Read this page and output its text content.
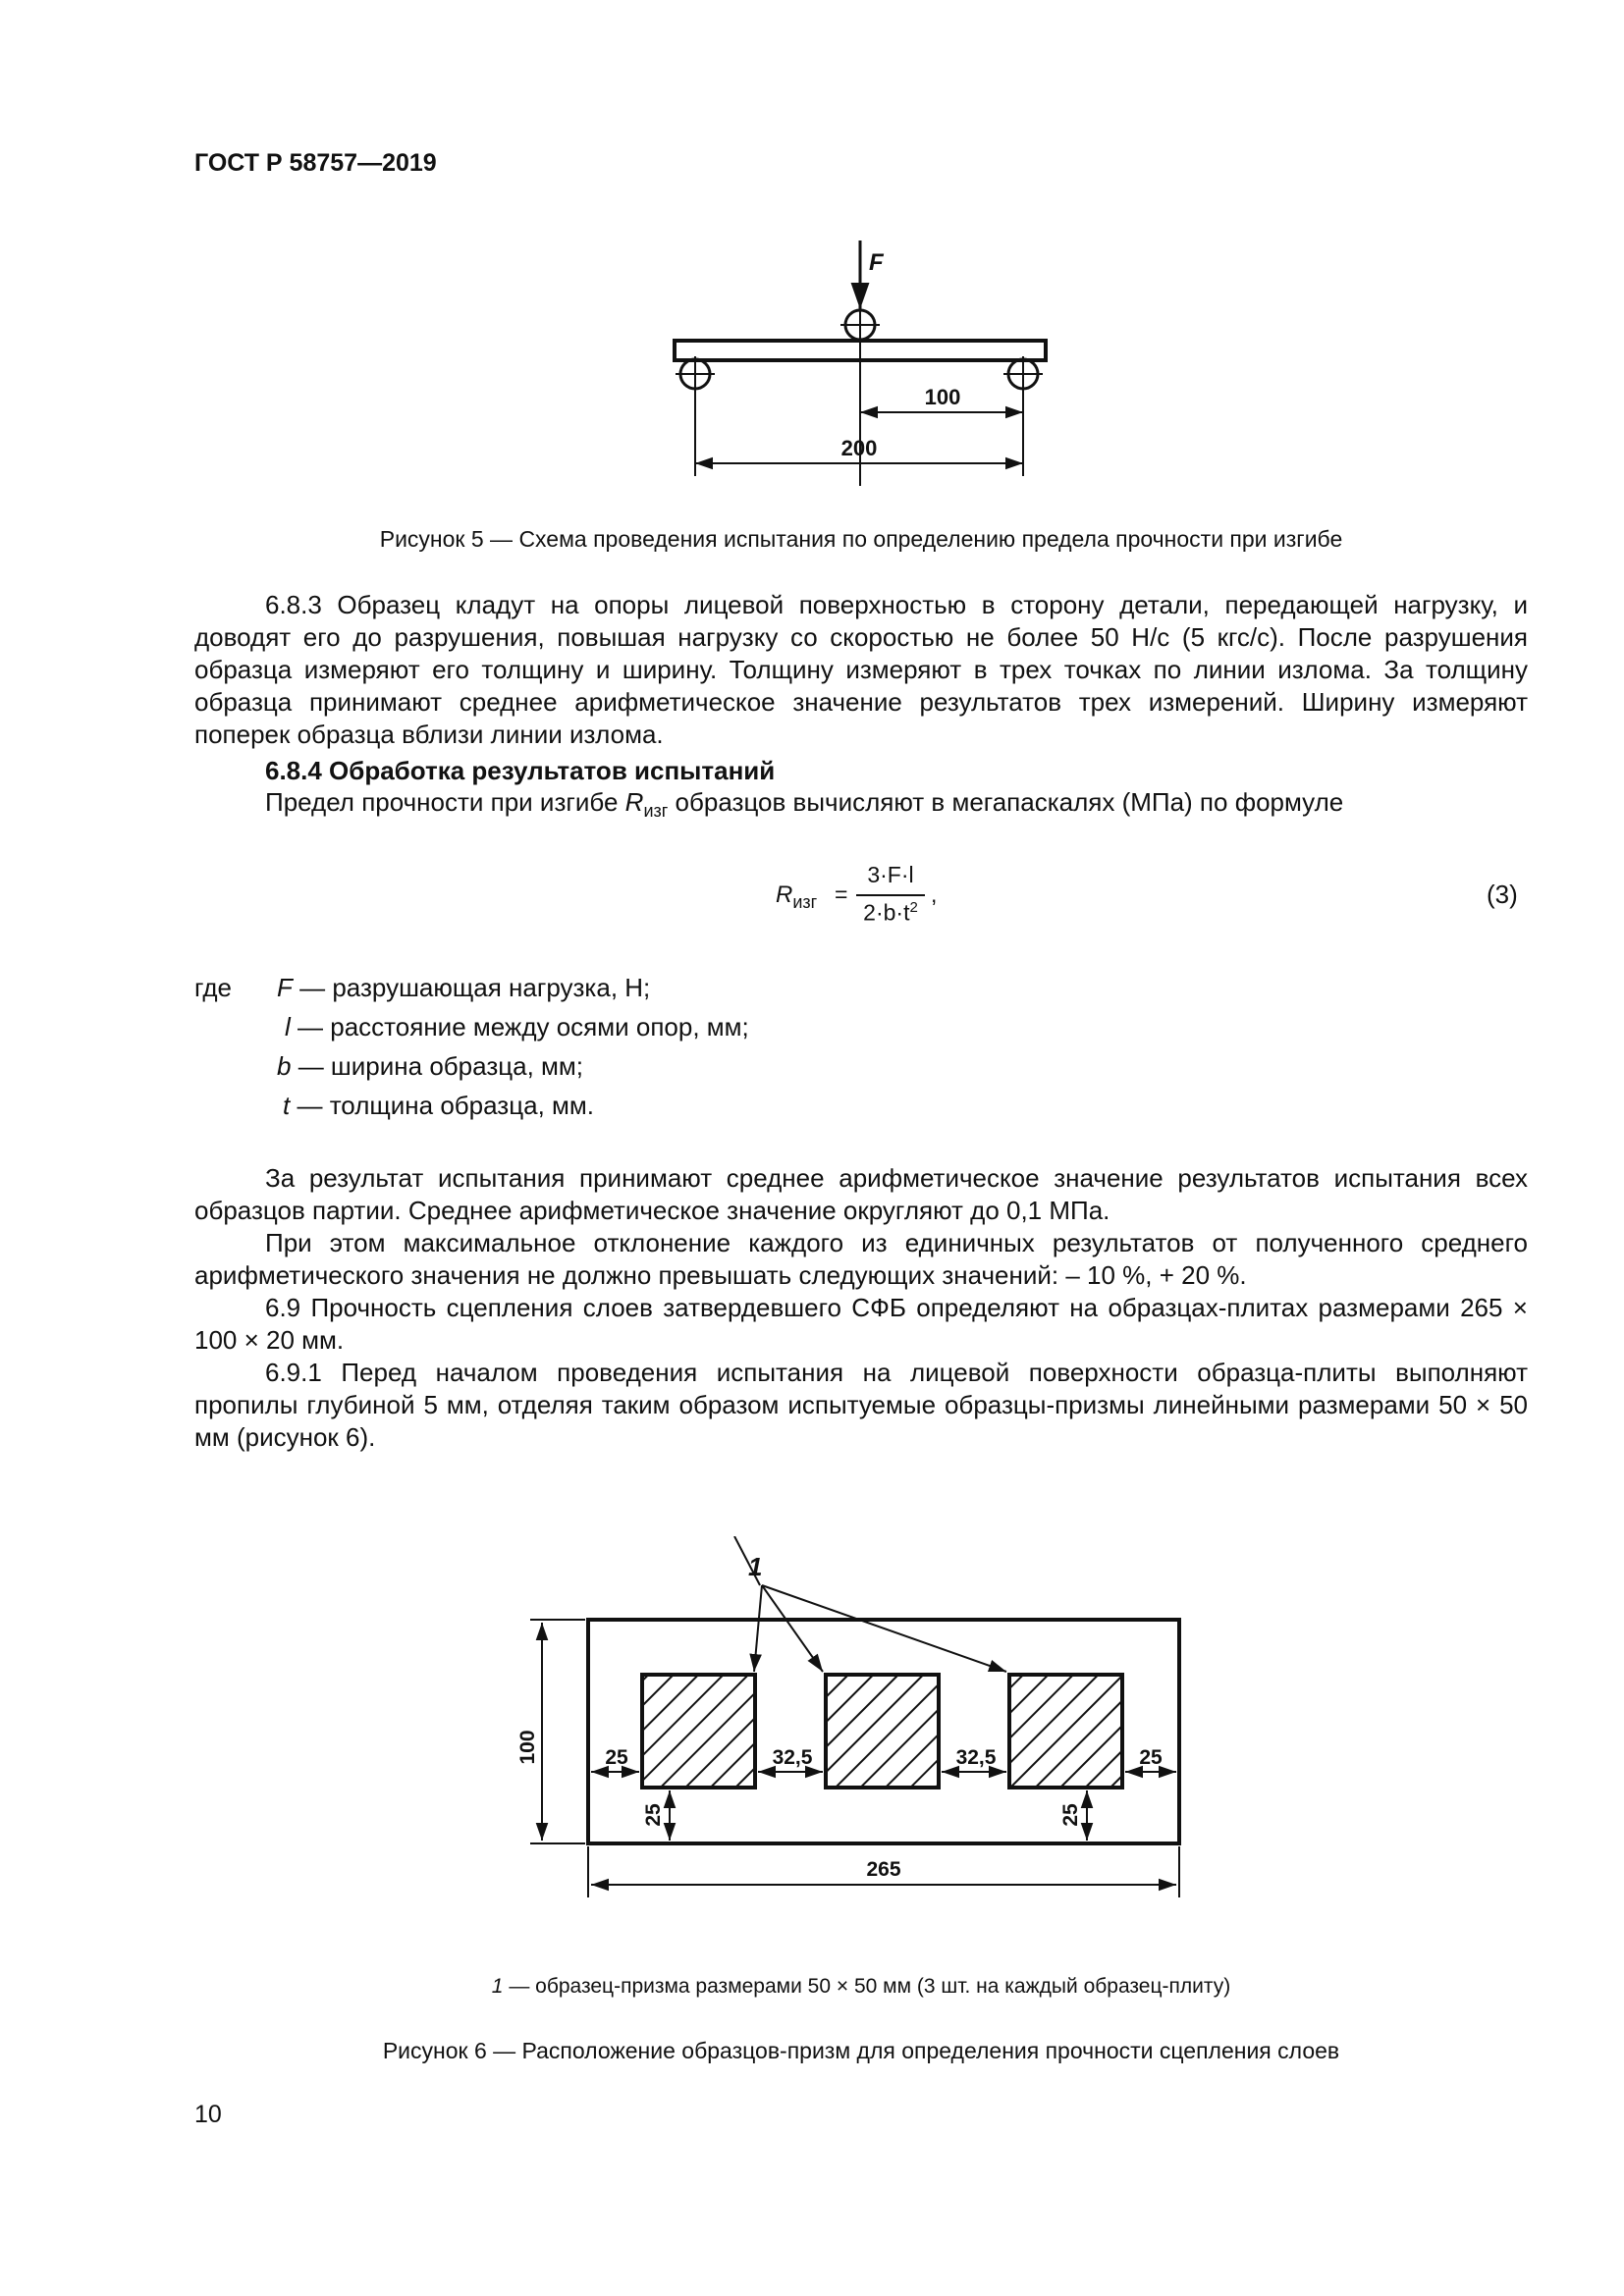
ГОСТ Р 58757—2019
F
100
200
Рисунок 5 — Схема проведения испытания по определению предела прочности при изгибе
6.8.3 Образец кладут на опоры лицевой поверхностью в сторону детали, передающей нагрузку, и доводят его до разрушения, повышая нагрузку со скоростью не более 50 Н/с (5 кгс/с). После разрушения образца измеряют его толщину и ширину. Толщину измеряют в трех точках по линии излома. За толщину образца принимают среднее арифметическое значение результатов трех измерений. Ширину измеряют поперек образца вблизи линии излома.
6.8.4 Обработка результатов испытаний
Предел прочности при изгибе $R_{изг}$ образцов вычисляют в мегапаскалях (МПа) по формуле
$R_{изг}$ =
3·F·l
$2\cdot b\cdot t^2$
,	(3)
где F — разрушающая нагрузка, Н;
l — расстояние между осями опор, мм;
b — ширина образца, мм;
t — толщина образца, мм.
За результат испытания принимают среднее арифметическое значение результатов испытания всех образцов партии. Среднее арифметическое значение округляют до 0,1 МПа.
При этом максимальное отклонение каждого из единичных результатов от полученного среднего арифметического значения не должно превышать следующих значений: – 10 %, + 20 %.
6.9 Прочность сцепления слоев затвердевшего СФБ определяют на образцах-плитах размерами 265 × 100 × 20 мм.
6.9.1 Перед началом проведения испытания на лицевой поверхности образца-плиты выполняют пропилы глубиной 5 мм, отделяя таким образом испытуемые образцы-призмы линейными размерами 50 × 50 мм (рисунок 6).
1
100	25	32,5	32,5	25
25	25
265
1 — образец-призма размерами 50 × 50 мм (3 шт. на каждый образец-плиту)
Рисунок 6 — Расположение образцов-призм для определения прочности сцепления слоев
10
